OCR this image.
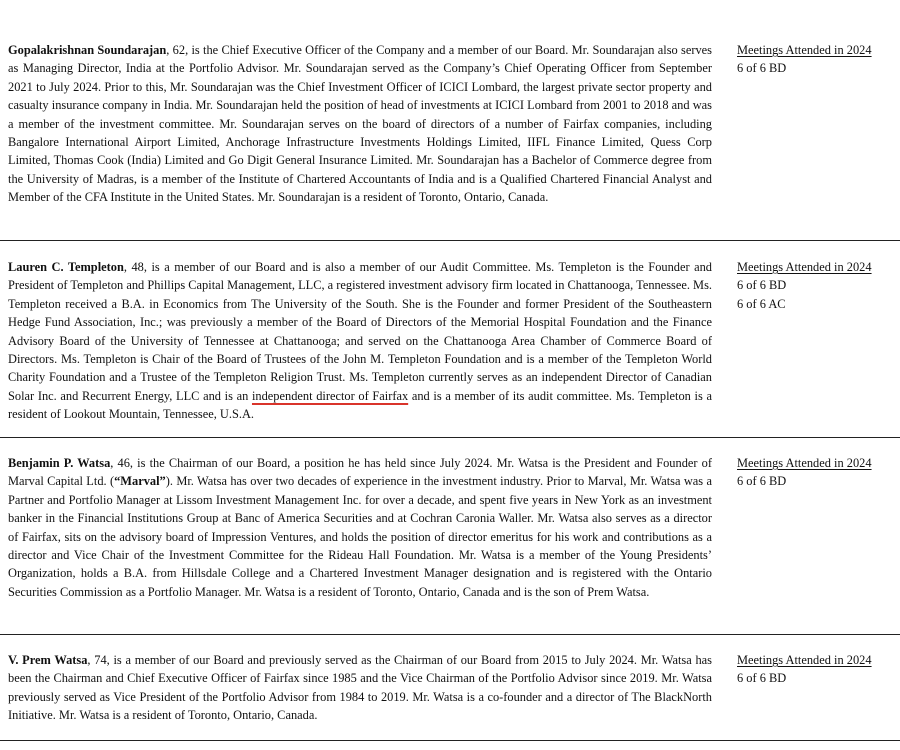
Gopalakrishnan Soundarajan, 62, is the Chief Executive Officer of the Company and a member of our Board. Mr. Soundarajan also serves as Managing Director, India at the Portfolio Advisor. Mr. Soundarajan served as the Company’s Chief Operating Officer from September 2021 to July 2024. Prior to this, Mr. Soundarajan was the Chief Investment Officer of ICICI Lombard, the largest private sector property and casualty insurance company in India. Mr. Soundarajan held the position of head of investments at ICICI Lombard from 2001 to 2018 and was a member of the investment committee. Mr. Soundarajan serves on the board of directors of a number of Fairfax companies, including Bangalore International Airport Limited, Anchorage Infrastructure Investments Holdings Limited, IIFL Finance Limited, Quess Corp Limited, Thomas Cook (India) Limited and Go Digit General Insurance Limited. Mr. Soundarajan has a Bachelor of Commerce degree from the University of Madras, is a member of the Institute of Chartered Accountants of India and is a Qualified Chartered Financial Analyst and Member of the CFA Institute in the United States. Mr. Soundarajan is a resident of Toronto, Ontario, Canada.

Meetings Attended in 2024
6 of 6 BD

Lauren C. Templeton, 48, is a member of our Board and is also a member of our Audit Committee. Ms. Templeton is the Founder and President of Templeton and Phillips Capital Management, LLC, a registered investment advisory firm located in Chattanooga, Tennessee. Ms. Templeton received a B.A. in Economics from The University of the South. She is the Founder and former President of the Southeastern Hedge Fund Association, Inc.; was previously a member of the Board of Directors of the Memorial Hospital Foundation and the Finance Advisory Board of the University of Tennessee at Chattanooga; and served on the Chattanooga Area Chamber of Commerce Board of Directors. Ms. Templeton is Chair of the Board of Trustees of the John M. Templeton Foundation and is a member of the Templeton World Charity Foundation and a Trustee of the Templeton Religion Trust. Ms. Templeton currently serves as an independent Director of Canadian Solar Inc. and Recurrent Energy, LLC and is an independent director of Fairfax and is a member of its audit committee. Ms. Templeton is a resident of Lookout Mountain, Tennessee, U.S.A.

Meetings Attended in 2024
6 of 6 BD
6 of 6 AC

Benjamin P. Watsa, 46, is the Chairman of our Board, a position he has held since July 2024. Mr. Watsa is the President and Founder of Marval Capital Ltd. (“Marval”). Mr. Watsa has over two decades of experience in the investment industry. Prior to Marval, Mr. Watsa was a Partner and Portfolio Manager at Lissom Investment Management Inc. for over a decade, and spent five years in New York as an investment banker in the Financial Institutions Group at Banc of America Securities and at Cochran Caronia Waller. Mr. Watsa also serves as a director of Fairfax, sits on the advisory board of Impression Ventures, and holds the position of director emeritus for his work and contributions as a director and Vice Chair of the Investment Committee for the Rideau Hall Foundation. Mr. Watsa is a member of the Young Presidents’ Organization, holds a B.A. from Hillsdale College and a Chartered Investment Manager designation and is registered with the Ontario Securities Commission as a Portfolio Manager. Mr. Watsa is a resident of Toronto, Ontario, Canada and is the son of Prem Watsa.

Meetings Attended in 2024
6 of 6 BD

V. Prem Watsa, 74, is a member of our Board and previously served as the Chairman of our Board from 2015 to July 2024. Mr. Watsa has been the Chairman and Chief Executive Officer of Fairfax since 1985 and the Vice Chairman of the Portfolio Advisor since 2019. Mr. Watsa previously served as Vice President of the Portfolio Advisor from 1984 to 2019. Mr. Watsa is a co-founder and a director of The BlackNorth Initiative. Mr. Watsa is a resident of Toronto, Ontario, Canada.

Meetings Attended in 2024
6 of 6 BD
